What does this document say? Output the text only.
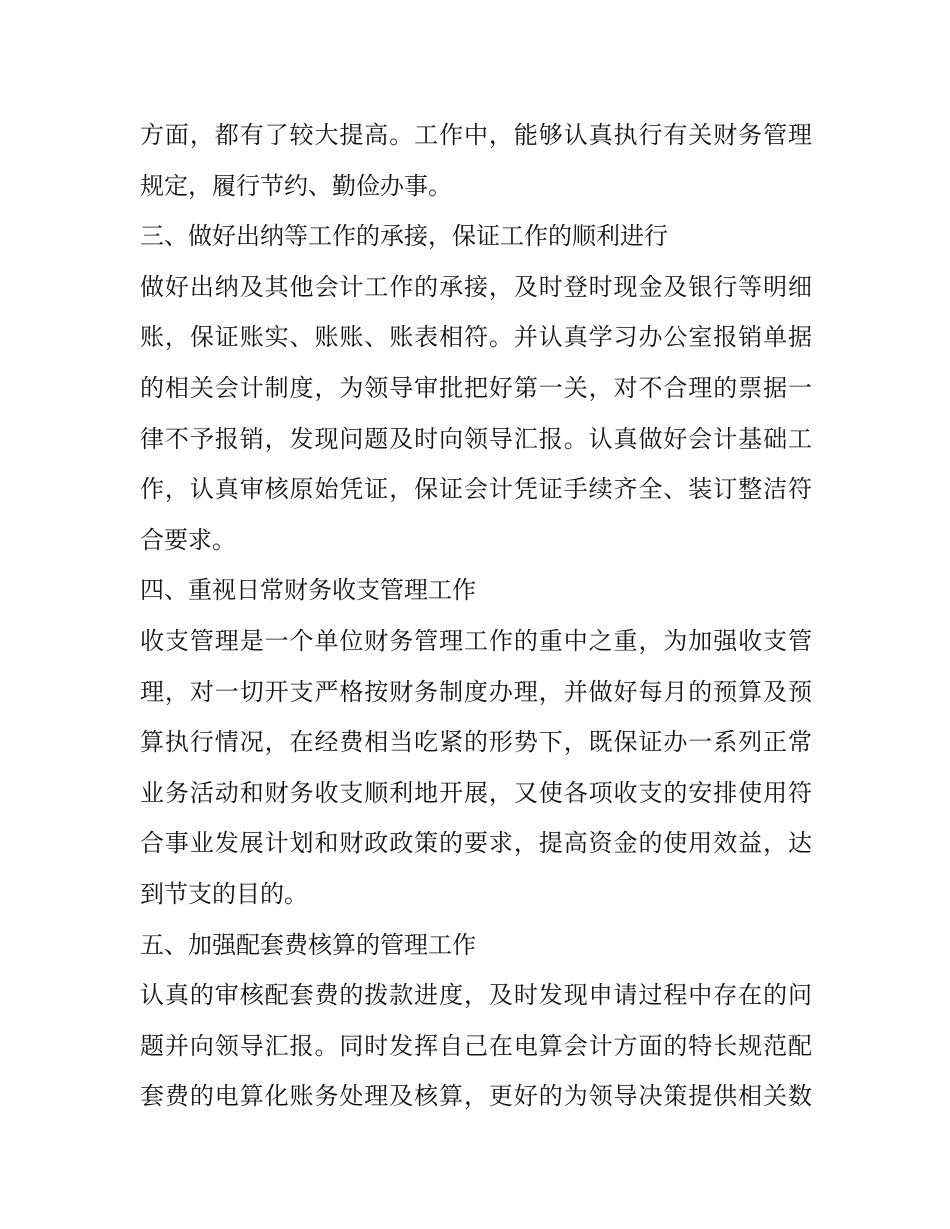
方面，都有了较大提高。工作中，能够认真执行有关财务管理
规定，履行节约、勤俭办事。
三、做好出纳等工作的承接，保证工作的顺利进行
做好出纳及其他会计工作的承接，及时登时现金及银行等明细
账，保证账实、账账、账表相符。并认真学习办公室报销单据
的相关会计制度，为领导审批把好第一关，对不合理的票据一
律不予报销，发现问题及时向领导汇报。认真做好会计基础工
作，认真审核原始凭证，保证会计凭证手续齐全、装订整洁符
合要求。
四、重视日常财务收支管理工作
收支管理是一个单位财务管理工作的重中之重，为加强收支管
理，对一切开支严格按财务制度办理，并做好每月的预算及预
算执行情况，在经费相当吃紧的形势下，既保证办一系列正常
业务活动和财务收支顺利地开展，又使各项收支的安排使用符
合事业发展计划和财政政策的要求，提高资金的使用效益，达
到节支的目的。
五、加强配套费核算的管理工作
认真的审核配套费的拨款进度，及时发现申请过程中存在的问
题并向领导汇报。同时发挥自己在电算会计方面的特长规范配
套费的电算化账务处理及核算，更好的为领导决策提供相关数
